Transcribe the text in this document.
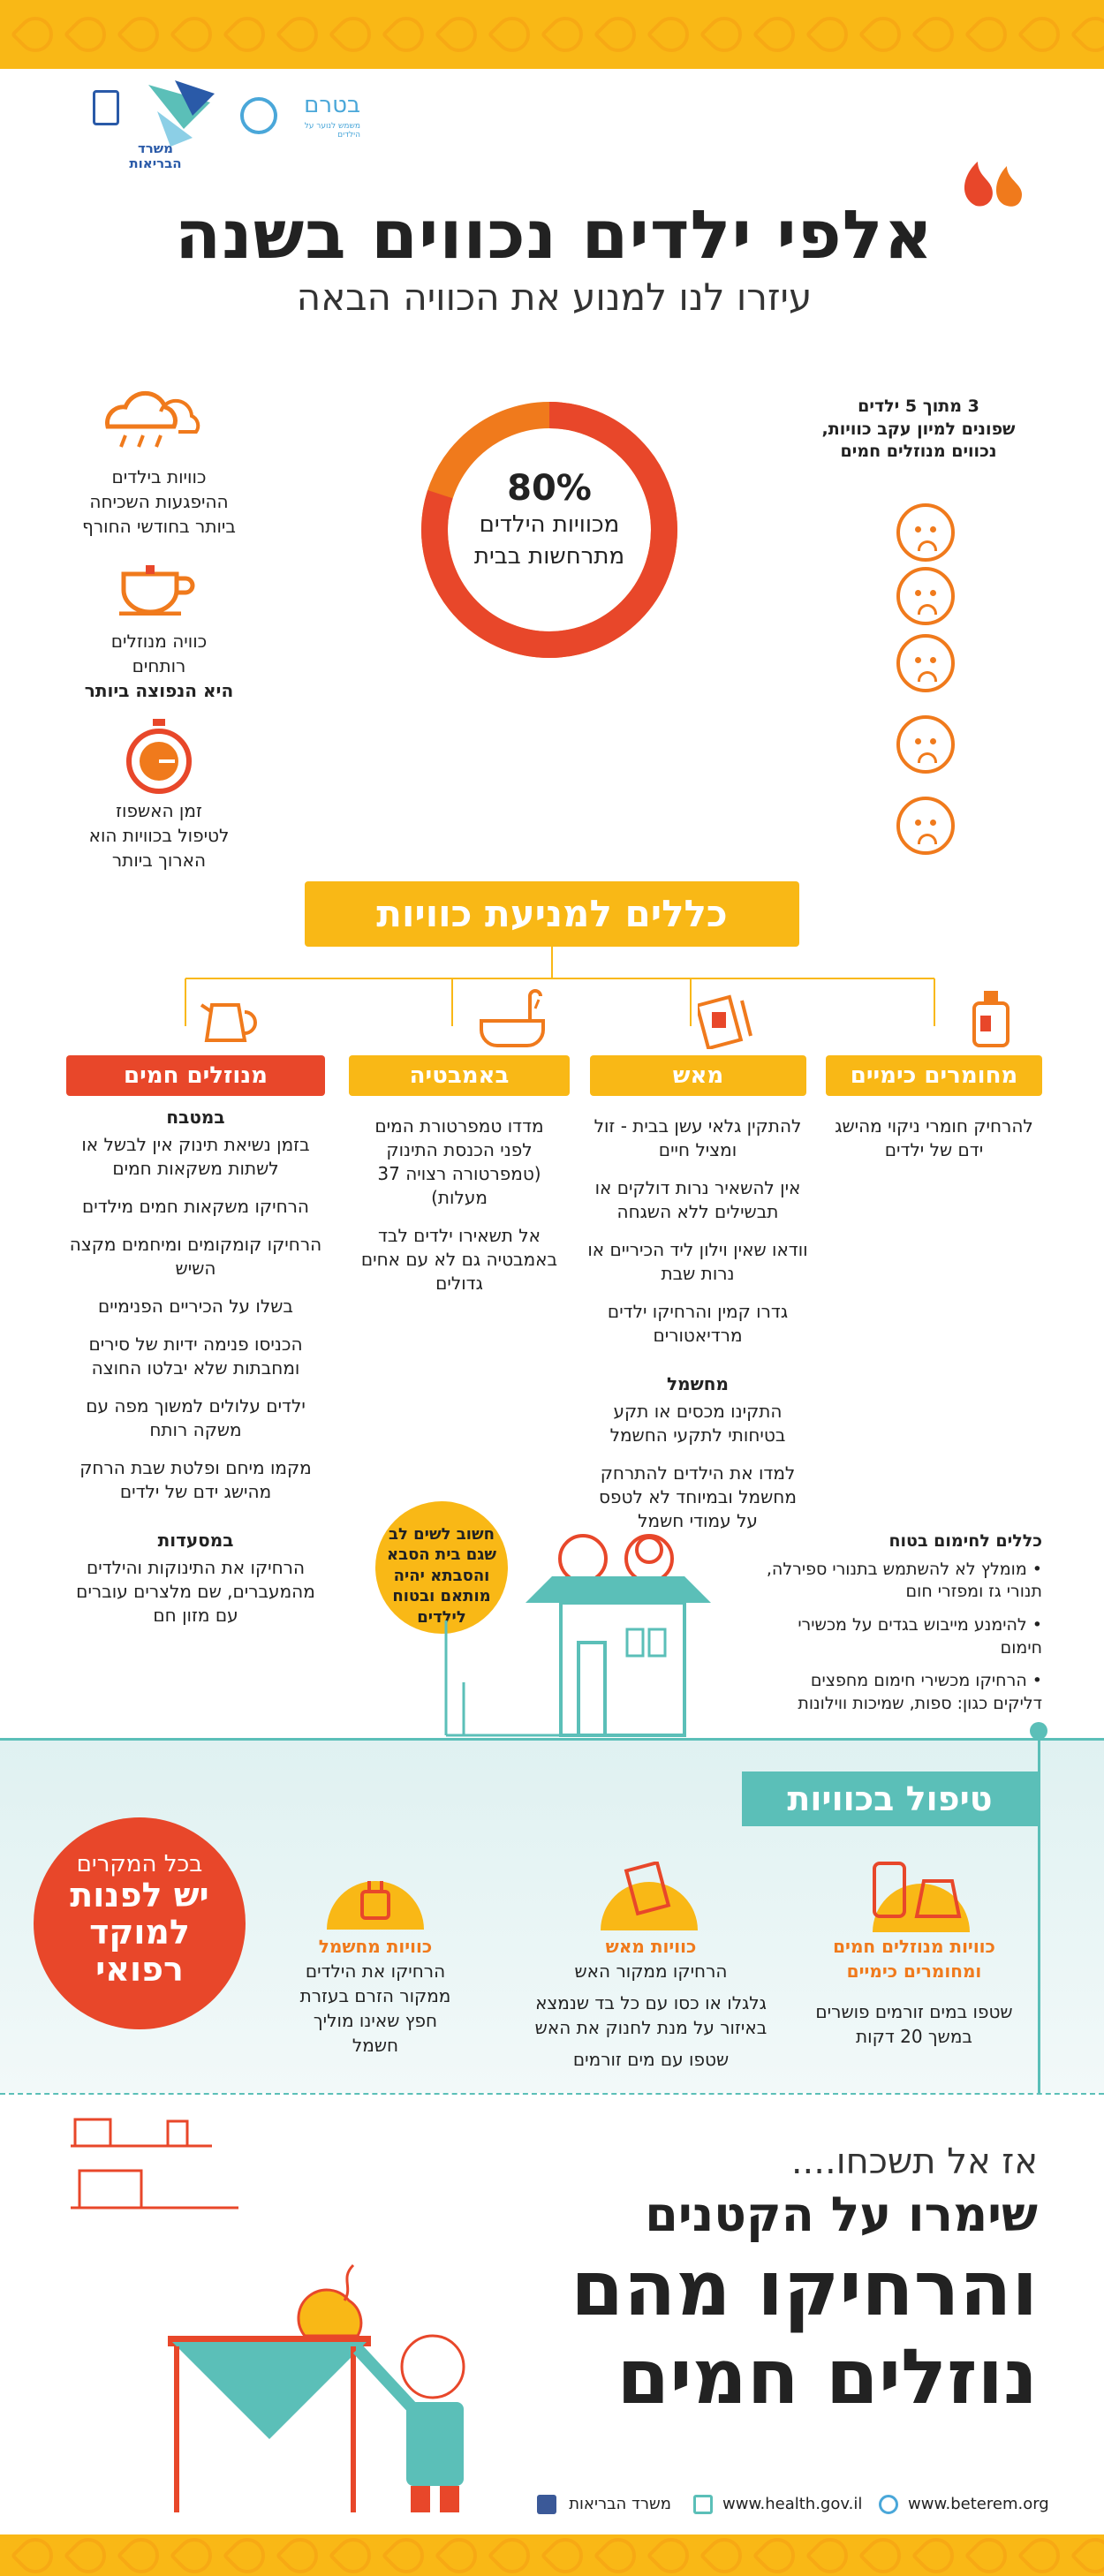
משרד הבריאות
בטרם
משמש לנוער על הילדים
אלפי ילדים נכווים בשנה
עיזרו לנו למנוע את הכוויה הבאה
כוויות בילדים
ההיפגעות השכיחה
ביותר בחודשי החורף
כוויה מנוזלים
רותחים
היא הנפוצה ביותר
זמן האשפוז
לטיפול בכוויות הוא
הארוך ביותר
80%
מכוויות הילדים מתרחשות בבית
3 מתוך 5 ילדים
שפונים למיון עקב כוויות,
נכווים מנוזלים חמים
כללים למניעת כוויות
מנוזלים חמים	באמבטיה	מאש	מחומרים כימיים
במטבח
בזמן נשיאת תינוק אין לבשל או לשתות משקאות חמים
הרחיקו משקאות חמים מילדים
הרחיקו קומקומים ומיחמים מקצה השיש
בשלו על הכיריים הפנימיים
הכניסו פנימה ידיות של סירים ומחבתות שלא יבלטו החוצה
ילדים עלולים למשוך מפה עם משקה רותח
מקמו מיחם ופלטת שבת הרחק מהישג ידם של ילדים
במסעדות
הרחיקו את התינוקות והילדים מהמעברים, שם מלצרים עוברים עם מזון חם
מדדו טמפרטורת המים לפני הכנסת התינוק (טמפרטורה רצויה 37 מעלות)
אל תשאירו ילדים לבד באמבטיה גם לא עם אחים גדולים
להתקין גלאי עשן בבית - זול ומציל חיים
אין להשאיר נרות דולקים או תבשילים ללא השגחה
וודאו שאין וילון ליד הכיריים או נרות שבת
גדרו קמין והרחיקו ילדים מרדיאטורים
מחשמל
התקינו מכסים או תקע בטיחותי לתקעי החשמל
למדו את הילדים להתרחק מחשמל ובמיוחד לא לטפס על עמודי חשמל
להרחיק חומרי ניקוי מהישג ידם של ילדים
חשוב לשים לב שגם בית הסבא והסבתא יהיה מותאם ובטוח לילדים
כללים לחימום בטוח
• מומלץ לא להשתמש בתנורי ספירלה, תנורי גז ומפזרי חום
• להימנע מייבוש בגדים על מכשירי חימום
• הרחיקו מכשירי חימום מחפצים דליקים כגון: ספות, שמיכות ווילונות
טיפול בכוויות
בכל המקרים
יש לפנות
למוקד
רפואי
כוויות מחשמל
הרחיקו את הילדים ממקור הזרם בעזרת חפץ שאינו מוליך חשמל
כוויות מאש
הרחיקו ממקור האש
גלגלו או כסו עם כל בד שנמצא באיזור על מנת לחנוק את האש
שטפו עם מים זורמים
כוויות מנוזלים חמים ומחומרים כימיים
שטפו במים זורמים פושרים במשך 20 דקות
אז אל תשכחו....
שימרו על הקטנים
והרחיקו מהם
נוזלים חמים
משרד הבריאות	www.health.gov.il	www.beterem.org
